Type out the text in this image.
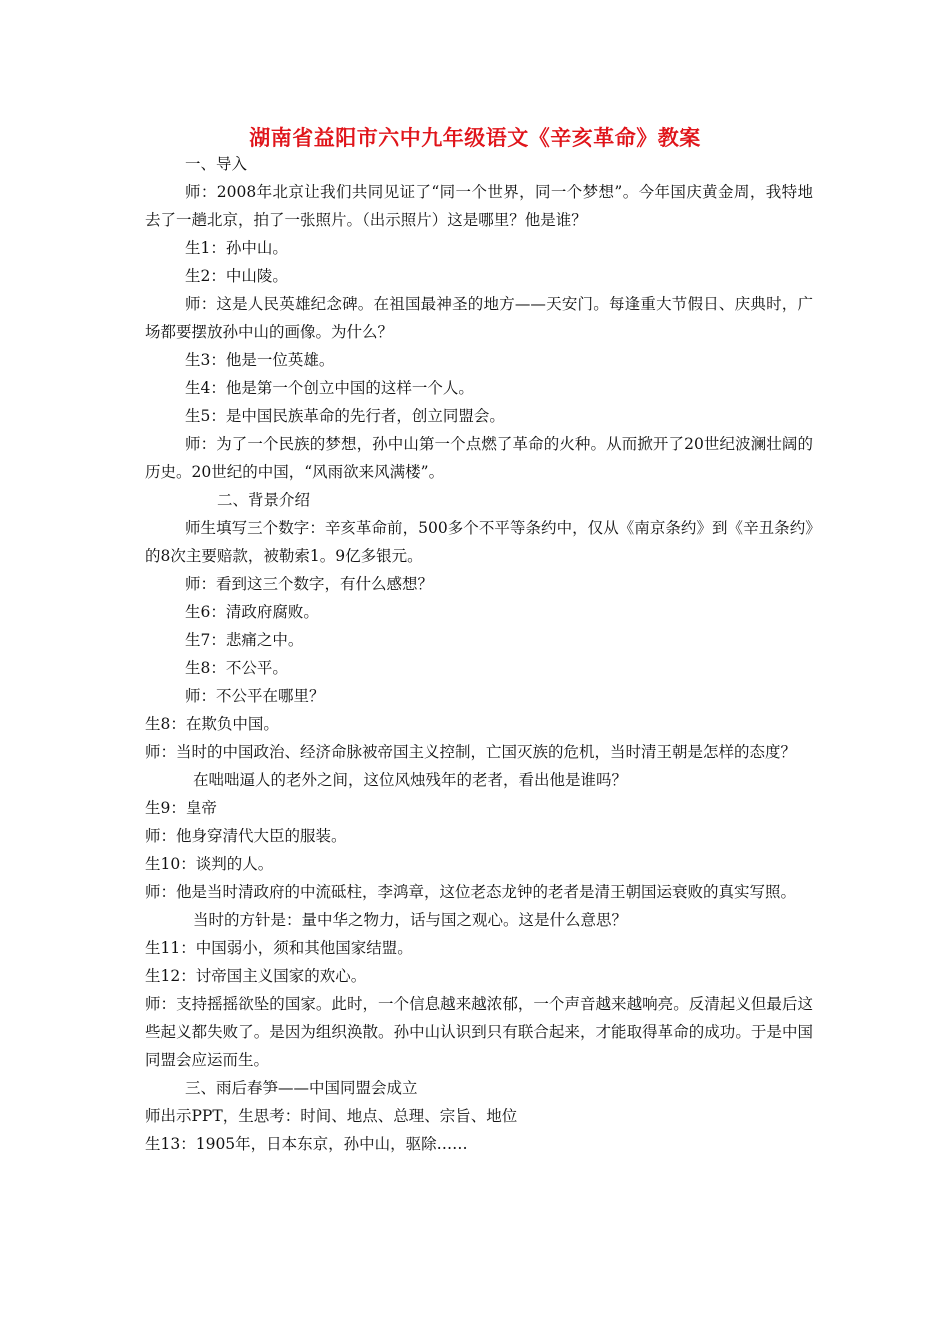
湖南省益阳市六中九年级语文《辛亥革命》教案

一、导入

师：2008年北京让我们共同见证了“同一个世界，同一个梦想”。今年国庆黄金周，我特地去了一趟北京，拍了一张照片。（出示照片）这是哪里？他是谁？

生1：孙中山。

生2：中山陵。

师：这是人民英雄纪念碑。在祖国最神圣的地方——天安门。每逢重大节假日、庆典时，广场都要摆放孙中山的画像。为什么？

生3：他是一位英雄。

生4：他是第一个创立中国的这样一个人。

生5：是中国民族革命的先行者，创立同盟会。

师：为了一个民族的梦想，孙中山第一个点燃了革命的火种。从而掀开了20世纪波澜壮阔的历史。20世纪的中国，“风雨欲来风满楼”。

二、背景介绍

师生填写三个数字：辛亥革命前，500多个不平等条约中，仅从《南京条约》到《辛丑条约》的8次主要赔款，被勒索1。9亿多银元。

师：看到这三个数字，有什么感想？

生6：清政府腐败。

生7：悲痛之中。

生8：不公平。

师：不公平在哪里？

生8：在欺负中国。

师：当时的中国政治、经济命脉被帝国主义控制，亡国灭族的危机，当时清王朝是怎样的态度？

在咄咄逼人的老外之间，这位风烛残年的老者，看出他是谁吗？

生9：皇帝

师：他身穿清代大臣的服装。

生10：谈判的人。

师：他是当时清政府的中流砥柱，李鸿章，这位老态龙钟的老者是清王朝国运衰败的真实写照。

当时的方针是：量中华之物力，话与国之观心。这是什么意思？

生11：中国弱小，须和其他国家结盟。

生12：讨帝国主义国家的欢心。

师：支持摇摇欲坠的国家。此时，一个信息越来越浓郁，一个声音越来越响亮。反清起义但最后这些起义都失败了。是因为组织涣散。孙中山认识到只有联合起来，才能取得革命的成功。于是中国同盟会应运而生。

三、雨后春笋——中国同盟会成立

师出示PPT，生思考：时间、地点、总理、宗旨、地位

生13：1905年，日本东京，孙中山，驱除……
